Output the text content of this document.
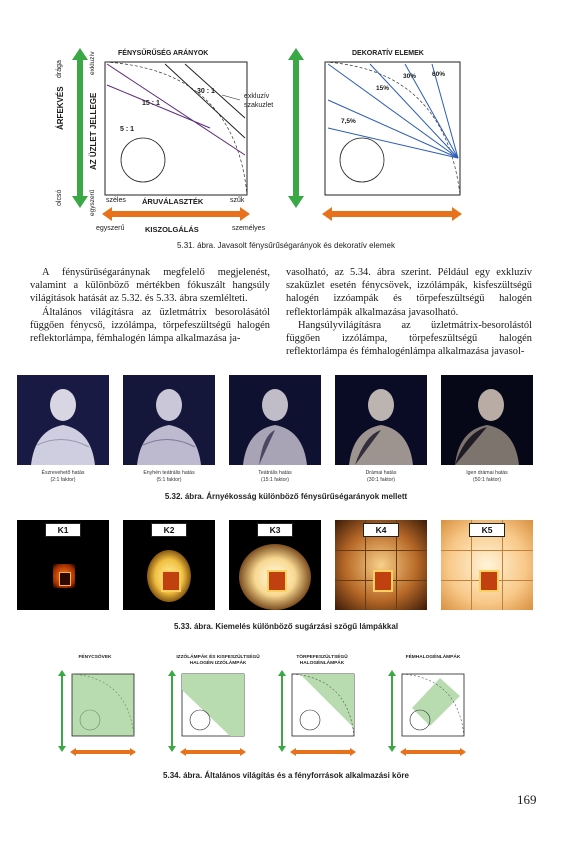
FÉNYSŰRŰSÉG ARÁNYOK
ÁRFEKVÉS
drága
olcsó
AZ ÜZLET JELLEGE
exkluzív
egyszerű
30 : 1
15 : 1
5 : 1
exkluzív szakuzlet
széles ÁRUVÁLASZTÉK	szűk
egyszerű	KISZOLGÁLÁS	személyes
DEKORATÍV ELEMEK
60%
30%
15%
7,5%
5.31. ábra. Javasolt fénysűrűségarányok és dekoratív elemek

A fénysűrűségaránynak megfelelő megjelenést, valamint a különböző mértékben fókuszált hangsúly világítások hatását az 5.32. és 5.33. ábra szemlélteti.

Általános világításra az üzletmátrix besorolásától függően fénycső, izzólámpa, törpefeszültségű halogén reflektorlámpa, fémhalogén lámpa alkalmazása ja-

vasolható, az 5.34. ábra szerint. Például egy exkluzív szaküzlet esetén fénycsövek, izzólámpák, kisfeszültségű halogén izzóampák és törpefeszültségű halogén reflektorlámpák alkalmazása javasolható.

Hangsúlyvilágításra az üzletmátrix-besorolástól függően izzólámpa, törpefeszültségű halogén reflektorlámpa és fémhalogénlámpa alkalmazása javasol-

Észrevehető hatás
(2:1 faktor)
Enyhén teátrális hatás
(5:1 faktor)
Teátrális hatás
(15:1 faktor)
Drámai hatás
(30:1 faktor)
Igen drámai hatás
(50:1 faktor)
5.32. ábra. Árnyékosság különböző fénysűrűségarányok mellett
K1	K2	K3	K4	K5
5.33. ábra. Kiemelés különböző sugárzási szögű lámpákkal
FÉNYCSÖVEK	IZZÓLÁMPÁK ÉS KISFESZÜLTSÉGŰ HALOGÉN IZZÓLÁMPÁK
TÖRPEFESZÜLTSÉGŰ HALOGÉNLÁMPÁK
FÉMHALOGÉNLÁMPÁK
5.34. ábra. Általános világítás és a fényforrások alkalmazási köre
169
